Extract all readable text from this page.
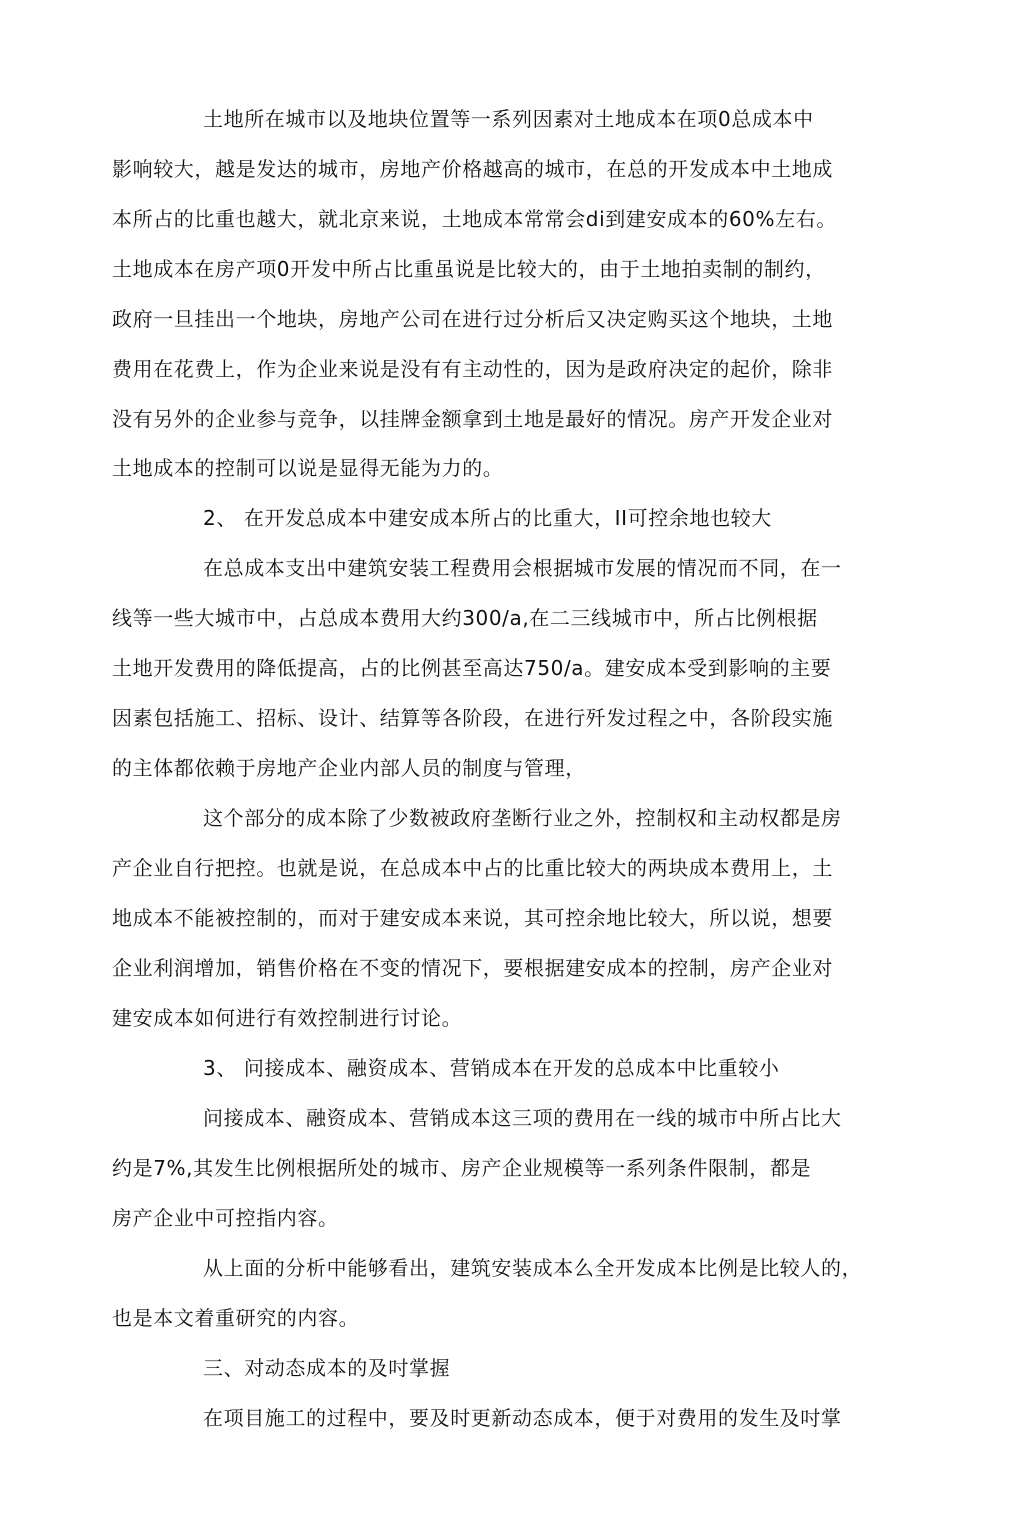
土地所在城市以及地块位置等一系列因素对土地成本在项0总成本中
影响较大，越是发达的城市，房地产价格越高的城市，在总的开发成本中土地成
本所占的比重也越大，就北京来说，土地成本常常会di到建安成本的60%左右。
土地成本在房产项0开发中所占比重虽说是比较大的，由于土地拍卖制的制约，
政府一旦挂出一个地块，房地产公司在进行过分析后又决定购买这个地块，土地
费用在花费上，作为企业来说是没有有主动性的，因为是政府决定的起价，除非
没有另外的企业参与竞争，以挂牌金额拿到土地是最好的情况。房产开发企业对
土地成本的控制可以说是显得无能为力的。
2、 在开发总成本中建安成本所占的比重大，II可控余地也较大
在总成本支出中建筑安装工程费用会根据城市发展的情况而不同，在一
线等一些大城市中，占总成本费用大约300/a,在二三线城市中，所占比例根据
土地开发费用的降低提高，占的比例甚至高达750/a。建安成本受到影响的主要
因素包括施工、招标、设计、结算等各阶段，在进行歼发过程之中，各阶段实施
的主体都依赖于房地产企业内部人员的制度与管理，
这个部分的成本除了少数被政府垄断行业之外，控制权和主动权都是房
产企业自行把控。也就是说，在总成本中占的比重比较大的两块成本费用上，土
地成本不能被控制的，而对于建安成本来说，其可控余地比较大，所以说，想要
企业利润增加，销售价格在不变的情况下，要根据建安成本的控制，房产企业对
建安成本如何进行有效控制进行讨论。
3、 问接成本、融资成本、营销成本在开发的总成本中比重较小
问接成本、融资成本、营销成本这三项的费用在一线的城市中所占比大
约是7%,其发生比例根据所处的城市、房产企业规模等一系列条件限制，都是
房产企业中可控指内容。
从上面的分析中能够看出，建筑安装成本么全开发成本比例是比较人的，
也是本文着重研究的内容。
三、对动态成本的及吋掌握
在项目施工的过程中，要及时更新动态成本，便于对费用的发生及吋掌
